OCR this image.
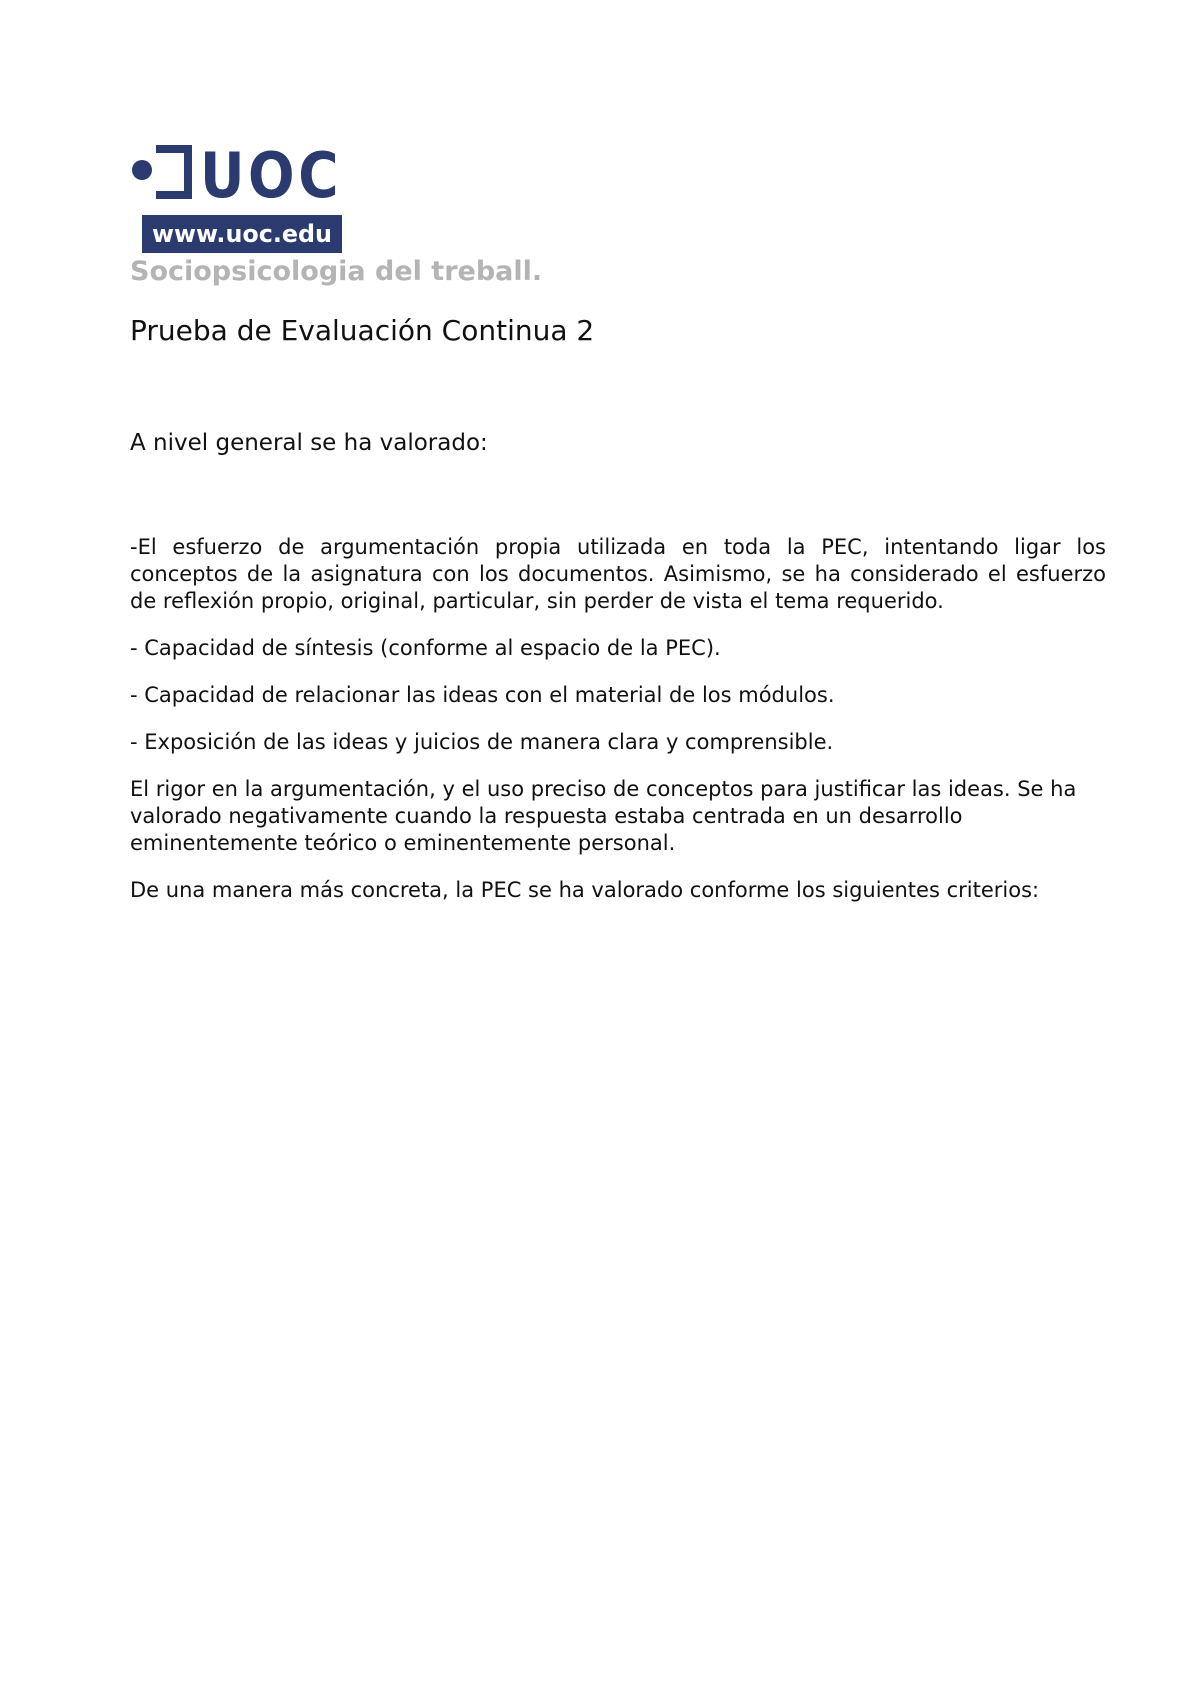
UOC
www.uoc.edu
Sociopsicologia del treball.
Prueba de Evaluación Continua 2
A nivel general se ha valorado:

-El esfuerzo de argumentación propia utilizada en toda la PEC, intentando ligar los conceptos de la asignatura con los documentos. Asimismo, se ha considerado el esfuerzo de reflexión propio, original, particular, sin perder de vista el tema requerido.

- Capacidad de síntesis (conforme al espacio de la PEC).

- Capacidad de relacionar las ideas con el material de los módulos.

- Exposición de las ideas y juicios de manera clara y comprensible.

El rigor en la argumentación, y el uso preciso de conceptos para justificar las ideas. Se ha valorado negativamente cuando la respuesta estaba centrada en un desarrollo eminentemente teórico o eminentemente personal.

De una manera más concreta, la PEC se ha valorado conforme los siguientes criterios:
